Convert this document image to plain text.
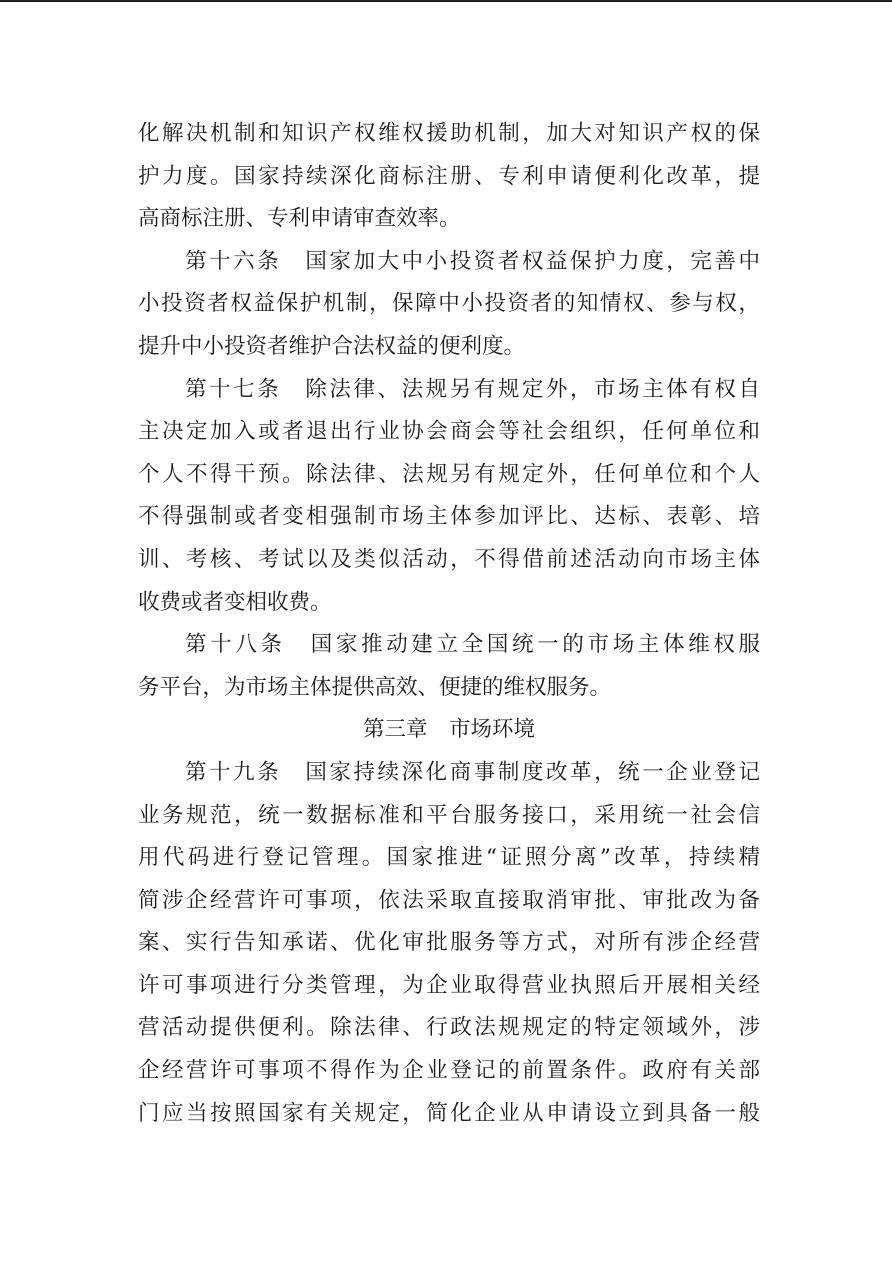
化解决机制和知识产权维权援助机制，加大对知识产权的保
护力度。国家持续深化商标注册、专利申请便利化改革，提
高商标注册、专利申请审查效率。
第十六条　国家加大中小投资者权益保护力度，完善中
小投资者权益保护机制，保障中小投资者的知情权、参与权，
提升中小投资者维护合法权益的便利度。
第十七条　除法律、法规另有规定外，市场主体有权自
主决定加入或者退出行业协会商会等社会组织，任何单位和
个人不得干预。除法律、法规另有规定外，任何单位和个人
不得强制或者变相强制市场主体参加评比、达标、表彰、培
训、考核、考试以及类似活动，不得借前述活动向市场主体
收费或者变相收费。
第十八条　国家推动建立全国统一的市场主体维权服
务平台，为市场主体提供高效、便捷的维权服务。
第三章　市场环境
第十九条　国家持续深化商事制度改革，统一企业登记
业务规范，统一数据标准和平台服务接口，采用统一社会信
用代码进行登记管理。国家推进“证照分离”改革，持续精
简涉企经营许可事项，依法采取直接取消审批、审批改为备
案、实行告知承诺、优化审批服务等方式，对所有涉企经营
许可事项进行分类管理，为企业取得营业执照后开展相关经
营活动提供便利。除法律、行政法规规定的特定领域外，涉
企经营许可事项不得作为企业登记的前置条件。政府有关部
门应当按照国家有关规定，简化企业从申请设立到具备一般
